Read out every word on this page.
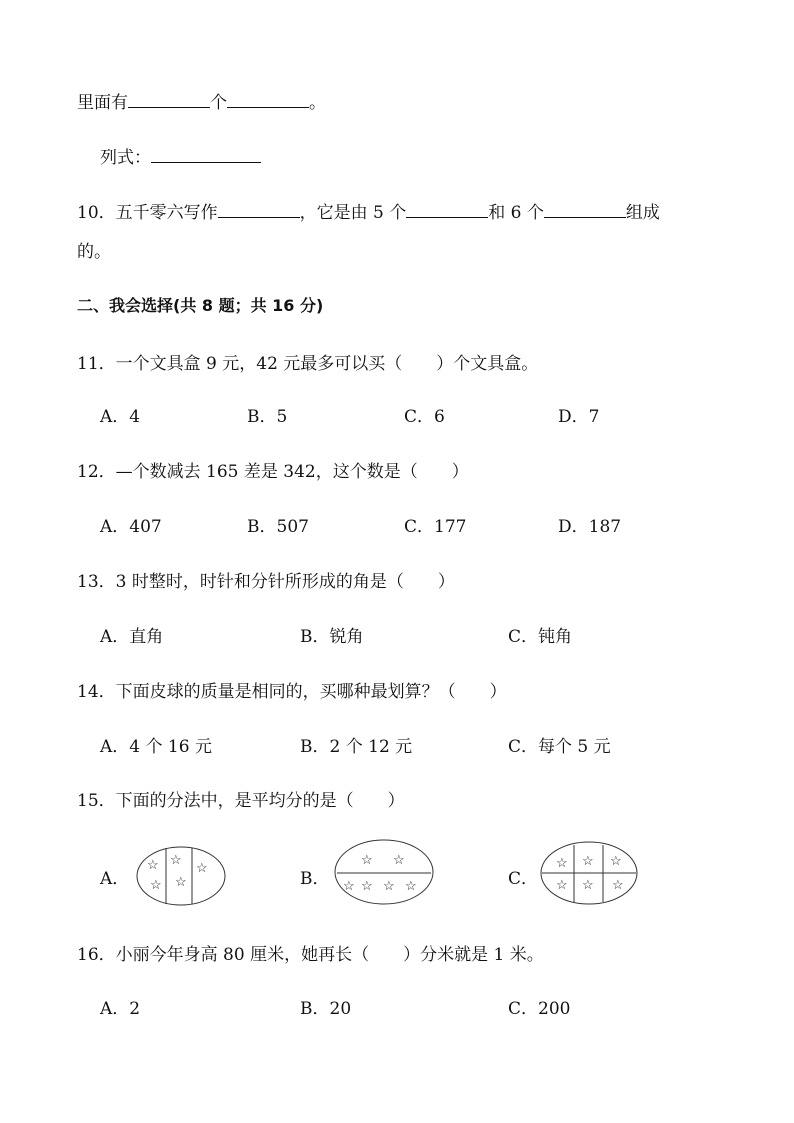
里面有	个	。
列式：
10．五千零六写作	，它是由 5 个	和 6 个	组成
的。
二、我会选择(共 8 题；共 16 分)
11．一个文具盒 9 元，42 元最多可以买（ ）个文具盒。
A．4	B．5	C．6	D．7
12．—个数减去 165 差是 342，这个数是（ ）
A．407	B．507	C．177	D．187
13．3 时整时，时针和分针所形成的角是（ ）
A．直角	B．锐角	C．钝角
14．下面皮球的质量是相同的，买哪种最划算？（ ）
A．4 个 16 元	B．2 个 12 元	C．每个 5 元
15．下面的分法中，是平均分的是（ ）
A．
☆
☆
☆
☆
☆
B．
☆ ☆
☆ ☆ ☆ ☆	C．
☆ ☆ ☆
☆ ☆ ☆
16．小丽今年身高 80 厘米，她再长（ ）分米就是 1 米。
A．2	B．20	C．200
